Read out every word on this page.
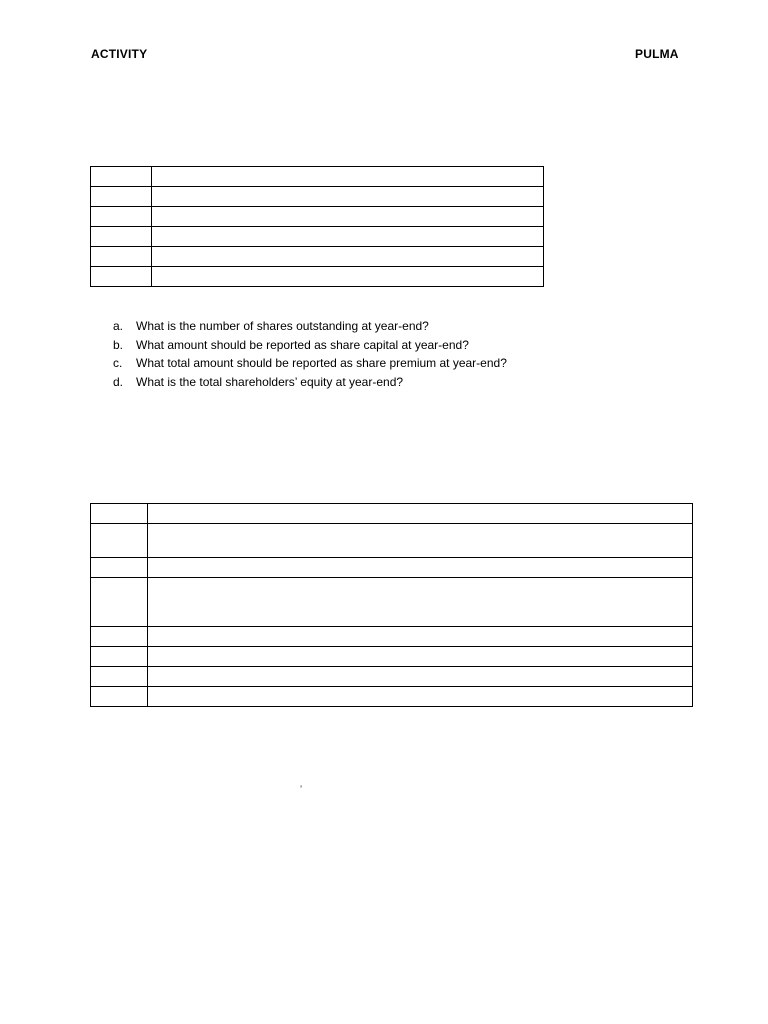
ACTIVITY	PULMA

a.	What is the number of shares outstanding at year-end?
b.	What amount should be reported as share capital at year-end?
c.	What total amount should be reported as share premium at year-end?
d.	What is the total shareholders’ equity at year-end?

’
